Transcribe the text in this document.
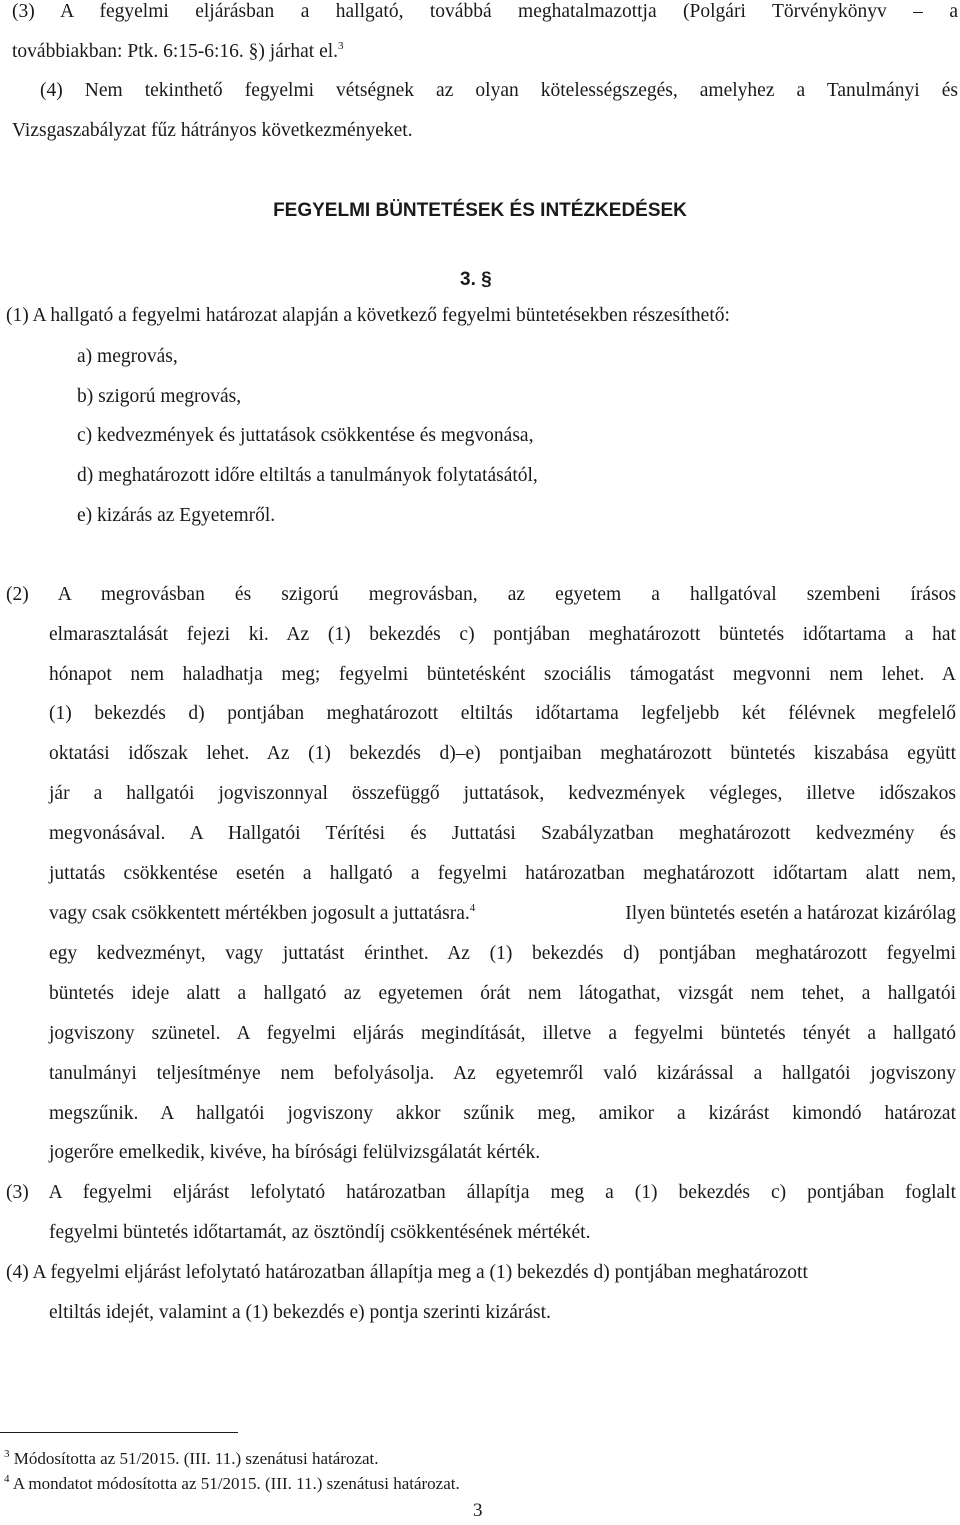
(3) A fegyelmi eljárásban a hallgató, továbbá meghatalmazottja (Polgári Törvénykönyv – a
továbbiakban: Ptk. 6:15-6:16. §) járhat el.$^3$
(4) Nem tekinthető fegyelmi vétségnek az olyan kötelességszegés, amelyhez a Tanulmányi és
Vizsgaszabályzat fűz hátrányos következményeket.
FEGYELMI BÜNTETÉSEK ÉS INTÉZKEDÉSEK
3. §
(1) A hallgató a fegyelmi határozat alapján a következő fegyelmi büntetésekben részesíthető:
a) megrovás,
b) szigorú megrovás,
c) kedvezmények és juttatások csökkentése és megvonása,
d) meghatározott időre eltiltás a tanulmányok folytatásától,
e) kizárás az Egyetemről.
(2) A megrovásban és szigorú megrovásban, az egyetem a hallgatóval szembeni írásos
elmarasztalását fejezi ki. Az (1) bekezdés c) pontjában meghatározott büntetés időtartama a hat
hónapot nem haladhatja meg; fegyelmi büntetésként szociális támogatást megvonni nem lehet. A
(1) bekezdés d) pontjában meghatározott eltiltás időtartama legfeljebb két félévnek megfelelő
oktatási időszak lehet. Az (1) bekezdés d)–e) pontjaiban meghatározott büntetés kiszabása együtt
jár a hallgatói jogviszonnyal összefüggő juttatások, kedvezmények végleges, illetve időszakos
megvonásával. A Hallgatói Térítési és Juttatási Szabályzatban meghatározott kedvezmény és
juttatás csökkentése esetén a hallgató a fegyelmi határozatban meghatározott időtartam alatt nem,
vagy csak csökkentett mértékben jogosult a juttatásra.$^4$	Ilyen büntetés esetén a határozat kizárólag
egy kedvezményt, vagy juttatást érinthet. Az (1) bekezdés d) pontjában meghatározott fegyelmi
büntetés ideje alatt a hallgató az egyetemen órát nem látogathat, vizsgát nem tehet, a hallgatói
jogviszony szünetel. A fegyelmi eljárás megindítását, illetve a fegyelmi büntetés tényét a hallgató
tanulmányi teljesítménye nem befolyásolja. Az egyetemről való kizárással a hallgatói jogviszony
megszűnik. A hallgatói jogviszony akkor szűnik meg, amikor a kizárást kimondó határozat
jogerőre emelkedik, kivéve, ha bírósági felülvizsgálatát kérték.
(3) A fegyelmi eljárást lefolytató határozatban állapítja meg a (1) bekezdés c) pontjában foglalt
fegyelmi büntetés időtartamát, az ösztöndíj csökkentésének mértékét.
(4) A fegyelmi eljárást lefolytató határozatban állapítja meg a (1) bekezdés d) pontjában meghatározott
eltiltás idejét, valamint a (1) bekezdés e) pontja szerinti kizárást.
$^3$ Módosította az 51/2015. (III. 11.) szenátusi határozat.
$^4$ A mondatot módosította az 51/2015. (III. 11.) szenátusi határozat.
3
